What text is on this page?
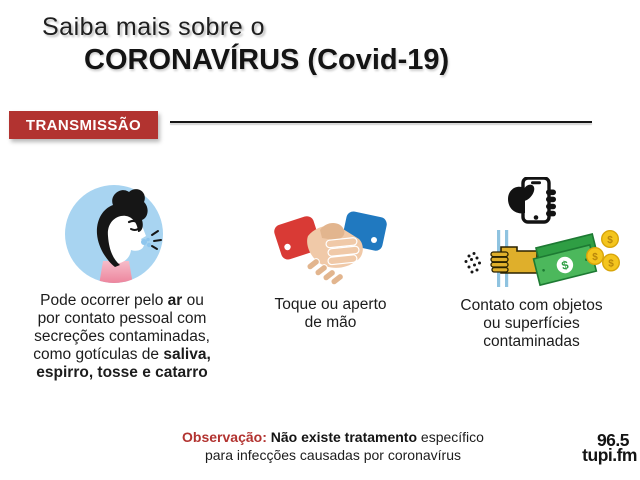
Saiba mais sobre o
CORONAVÍRUS (Covid-19)
TRANSMISSÃO
$
$
$
$
Pode ocorrer pelo ar ou
por contato pessoal com
secreções contaminadas,
como gotículas de saliva,
espirro, tosse e catarro
Toque ou aperto
de mão
Contato com objetos
ou superfícies
contaminadas
Observação: Não existe tratamento específico
para infecções causadas por coronavírus
96.5
tupi.fm
